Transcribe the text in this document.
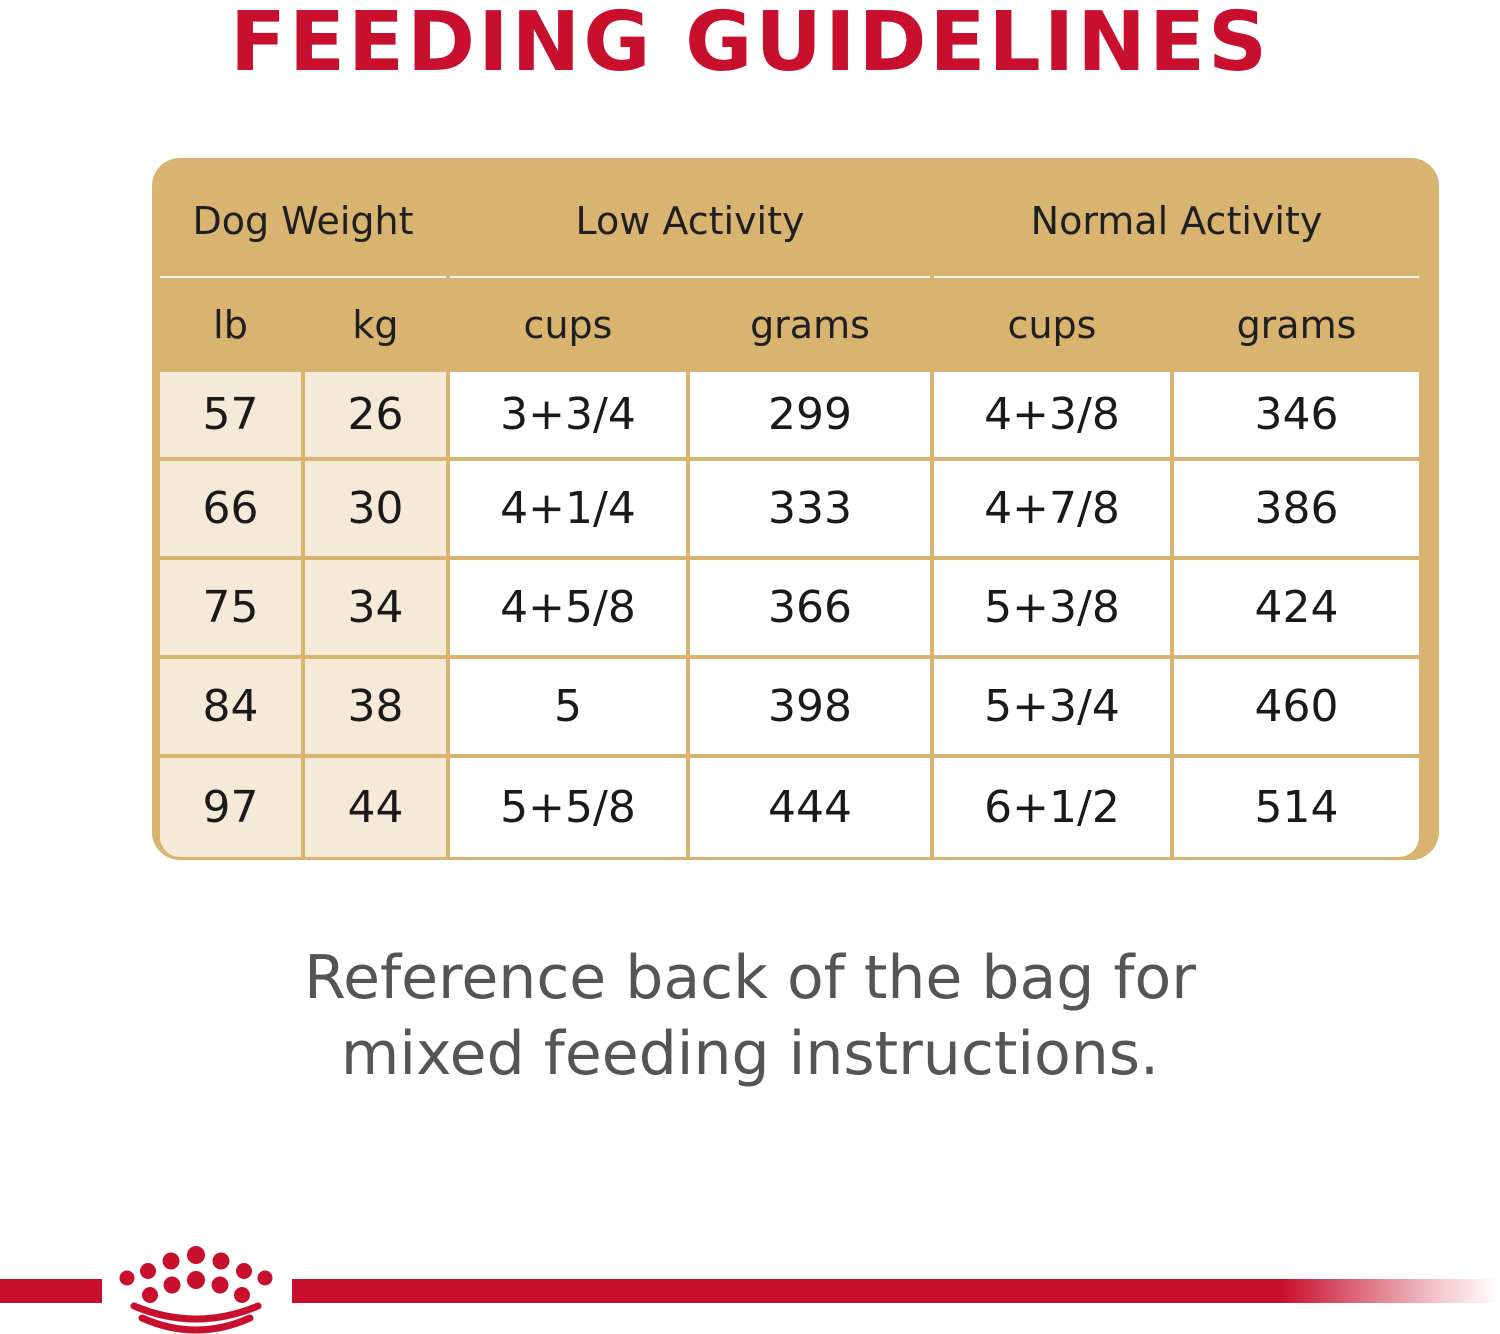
FEEDING GUIDELINES
Dog Weight	Low Activity	Normal Activity
lb	kg	cups	grams	cups	grams
57	26	3+3/4	299	4+3/8	346
66	30	4+1/4	333	4+7/8	386
75	34	4+5/8	366	5+3/8	424
84	38	5	398	5+3/4	460
97	44	5+5/8	444	6+1/2	514

Reference back of the bag for
mixed feeding instructions.
